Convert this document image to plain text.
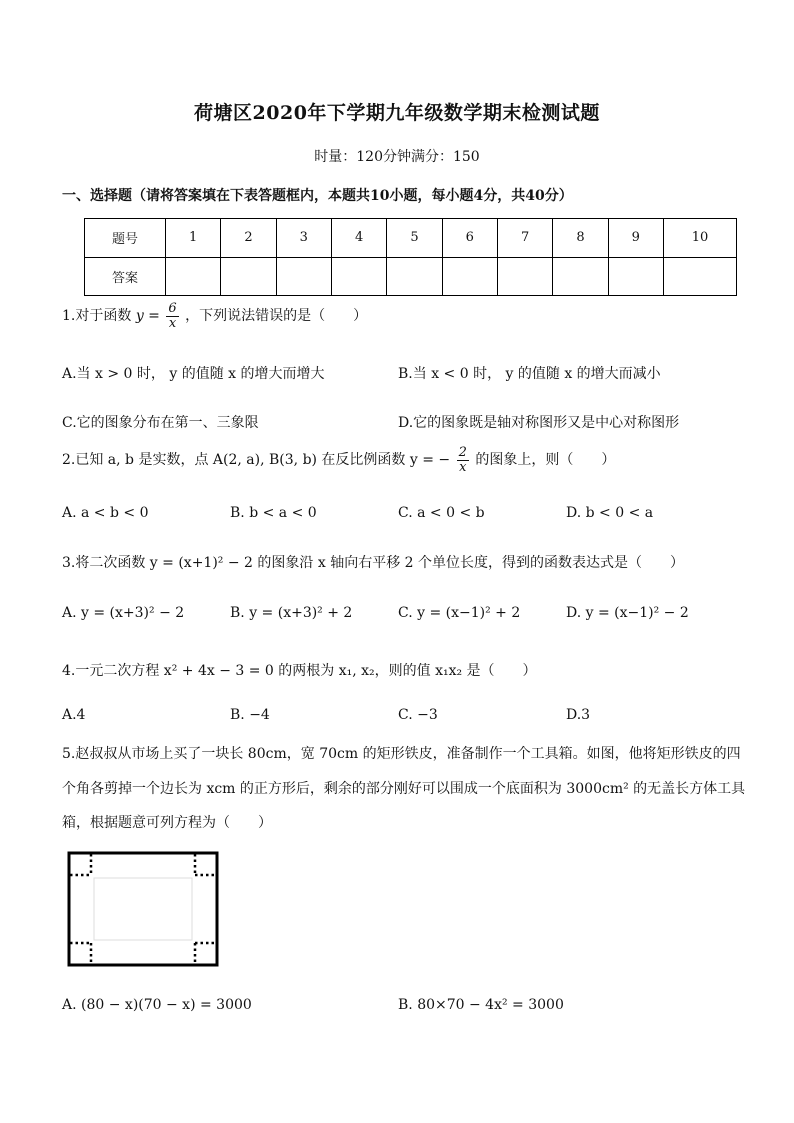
荷塘区2020年下学期九年级数学期末检测试题
时量：120分钟满分：150
一、选择题（请将答案填在下表答题框内，本题共10小题，每小题4分，共40分）
题号	1	2	3	4	5	6	7	8	9	10
答案										
1.对于函数 $y = \frac{6}{x}$ ，下列说法错误的是（　　）
A.当 x > 0 时， y 的值随 x 的增大而增大	B.当 x < 0 时， y 的值随 x 的增大而减小
C.它的图象分布在第一、三象限	D.它的图象既是轴对称图形又是中心对称图形
2.已知 a, b 是实数，点 A(2, a), B(3, b) 在反比例函数 y = − $\frac{2}{x}$ 的图象上，则（　　）
A. a < b < 0	B. b < a < 0	C. a < 0 < b	D. b < 0 < a
3.将二次函数 y = (x+1)² − 2 的图象沿 x 轴向右平移 2 个单位长度，得到的函数表达式是（　　）
A. y = (x+3)² − 2	B. y = (x+3)² + 2	C. y = (x−1)² + 2	D. y = (x−1)² − 2
4.一元二次方程 x² + 4x − 3 = 0 的两根为 x₁, x₂，则的值 x₁x₂ 是（　　）
A.4	B. −4	C. −3	D.3
5.赵叔叔从市场上买了一块长 80cm，宽 70cm 的矩形铁皮，准备制作一个工具箱。如图，他将矩形铁皮的四
个角各剪掉一个边长为 xcm 的正方形后，剩余的部分刚好可以围成一个底面积为 3000cm² 的无盖长方体工具
箱，根据题意可列方程为（　　）
A. (80 − x)(70 − x) = 3000	B. 80×70 − 4x² = 3000
